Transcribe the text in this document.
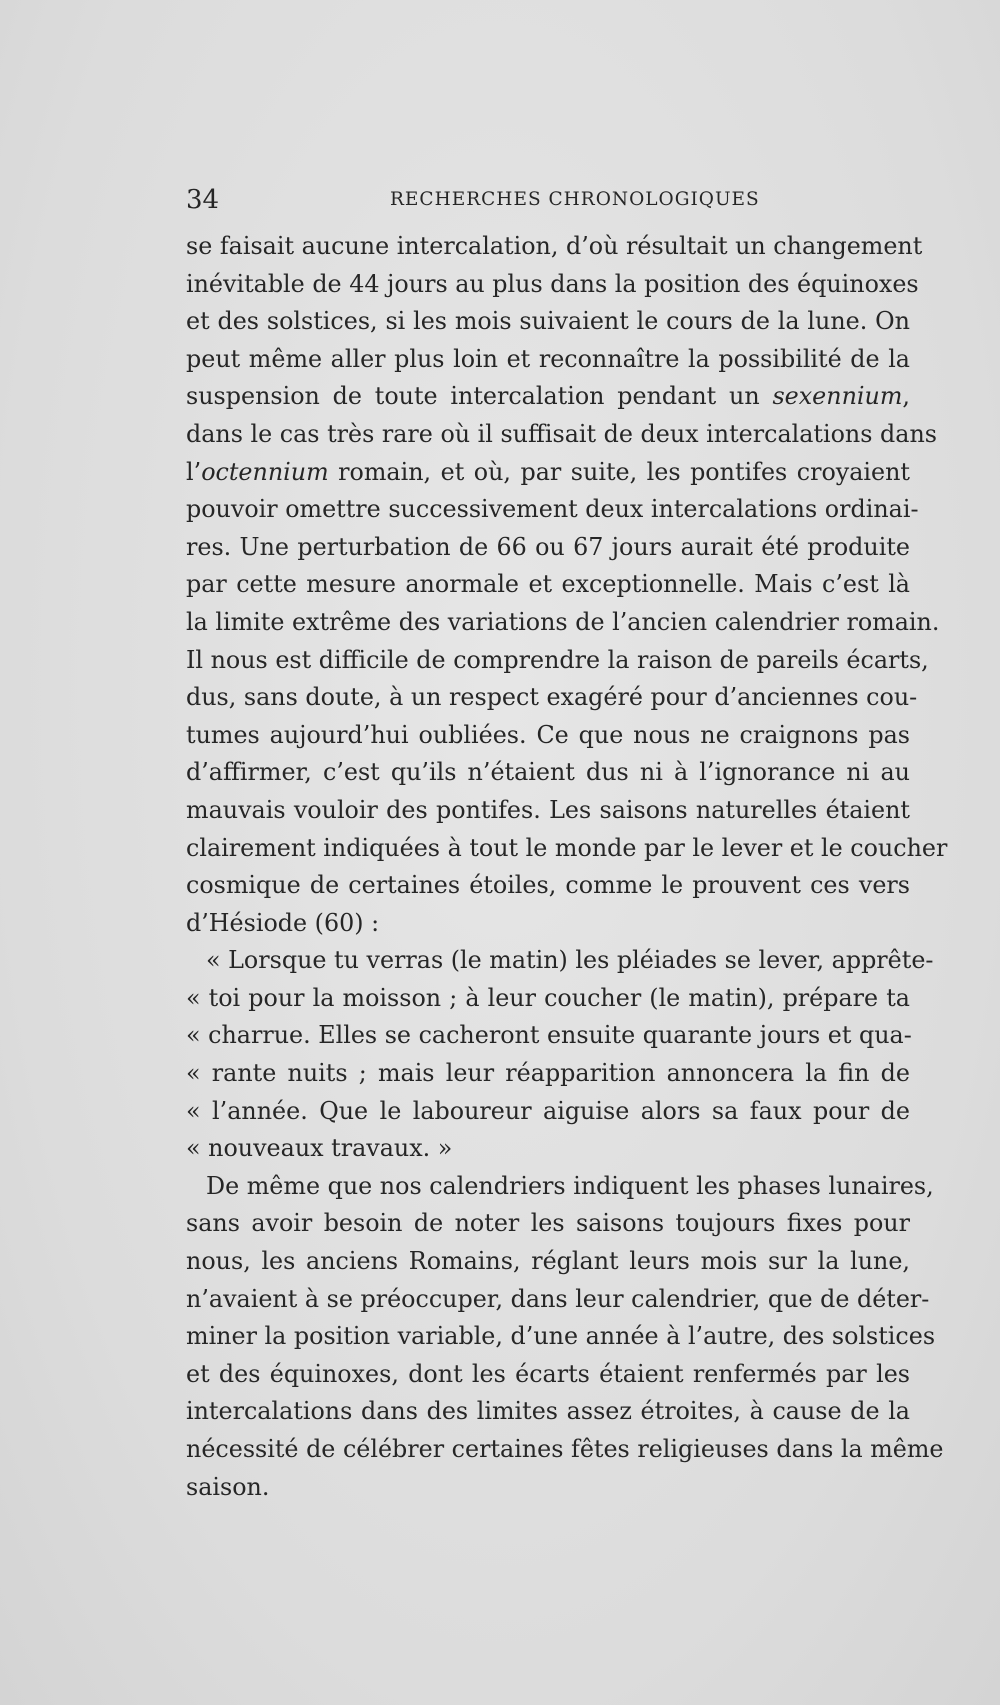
34	RECHERCHES CHRONOLOGIQUES
se faisait aucune intercalation, d’où résultait un changement
inévitable de 44 jours au plus dans la position des équinoxes
et des solstices, si les mois suivaient le cours de la lune. On
peut même aller plus loin et reconnaître la possibilité de la
suspension de toute intercalation pendant un sexennium,
dans le cas très rare où il suffisait de deux intercalations dans
l’octennium romain, et où, par suite, les pontifes croyaient
pouvoir omettre successivement deux intercalations ordinai-
res. Une perturbation de 66 ou 67 jours aurait été produite
par cette mesure anormale et exceptionnelle. Mais c’est là
la limite extrême des variations de l’ancien calendrier romain.
Il nous est difficile de comprendre la raison de pareils écarts,
dus, sans doute, à un respect exagéré pour d’anciennes cou-
tumes aujourd’hui oubliées. Ce que nous ne craignons pas
d’affirmer, c’est qu’ils n’étaient dus ni à l’ignorance ni au
mauvais vouloir des pontifes. Les saisons naturelles étaient
clairement indiquées à tout le monde par le lever et le coucher
cosmique de certaines étoiles, comme le prouvent ces vers
d’Hésiode (60) :
« Lorsque tu verras (le matin) les pléiades se lever, apprête-
« toi pour la moisson ; à leur coucher (le matin), prépare ta
« charrue. Elles se cacheront ensuite quarante jours et qua-
« rante nuits ; mais leur réapparition annoncera la fin de
« l’année. Que le laboureur aiguise alors sa faux pour de
« nouveaux travaux. »
De même que nos calendriers indiquent les phases lunaires,
sans avoir besoin de noter les saisons toujours fixes pour
nous, les anciens Romains, réglant leurs mois sur la lune,
n’avaient à se préoccuper, dans leur calendrier, que de déter-
miner la position variable, d’une année à l’autre, des solstices
et des équinoxes, dont les écarts étaient renfermés par les
intercalations dans des limites assez étroites, à cause de la
nécessité de célébrer certaines fêtes religieuses dans la même
saison.
